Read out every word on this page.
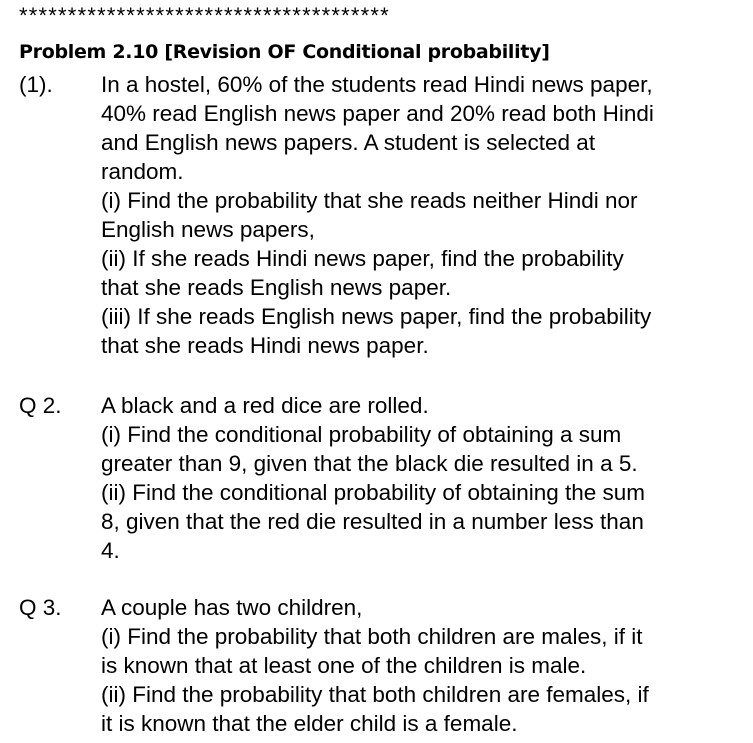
**************************************
Problem 2.10 [Revision OF Conditional probability]
(1). In a hostel, 60% of the students read Hindi news paper,
40% read English news paper and 20% read both Hindi
and English news papers. A student is selected at
random.
(i) Find the probability that she reads neither Hindi nor
English news papers,
(ii) If she reads Hindi news paper, find the probability
that she reads English news paper.
(iii) If she reads English news paper, find the probability
that she reads Hindi news paper.
Q 2. A black and a red dice are rolled.
(i) Find the conditional probability of obtaining a sum
greater than 9, given that the black die resulted in a 5.
(ii) Find the conditional probability of obtaining the sum
8, given that the red die resulted in a number less than
4.
Q 3. A couple has two children,
(i) Find the probability that both children are males, if it
is known that at least one of the children is male.
(ii) Find the probability that both children are females, if
it is known that the elder child is a female.
